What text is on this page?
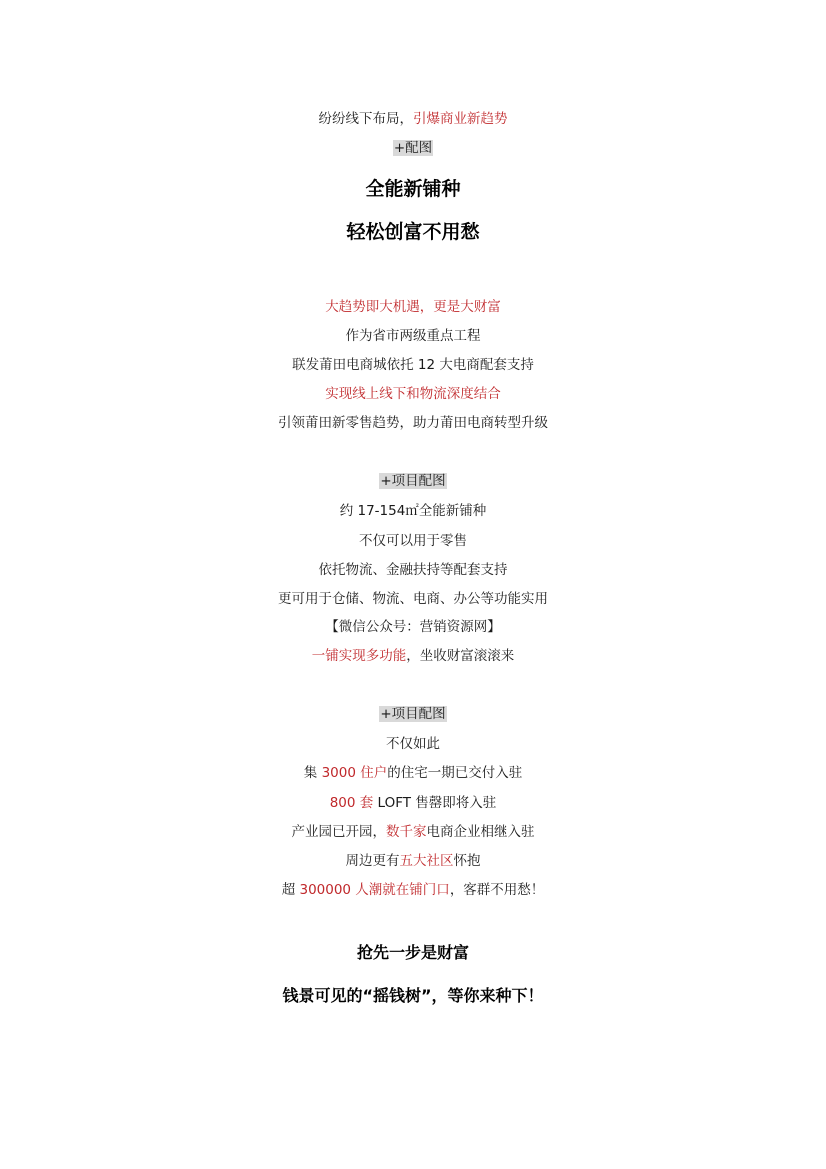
纷纷线下布局，引爆商业新趋势
+配图
全能新铺种
轻松创富不用愁
大趋势即大机遇，更是大财富
作为省市两级重点工程
联发莆田电商城依托 12 大电商配套支持
实现线上线下和物流深度结合
引领莆田新零售趋势，助力莆田电商转型升级
+项目配图
约 17-154㎡全能新铺种
不仅可以用于零售
依托物流、金融扶持等配套支持
更可用于仓储、物流、电商、办公等功能实用
【微信公众号：营销资源网】
一铺实现多功能，坐收财富滚滚来
+项目配图
不仅如此
集 3000 住户的住宅一期已交付入驻
800 套 LOFT 售罄即将入驻
产业园已开园，数千家电商企业相继入驻
周边更有五大社区怀抱
超 300000 人潮就在铺门口，客群不用愁！
抢先一步是财富
钱景可见的“摇钱树”，等你来种下！
